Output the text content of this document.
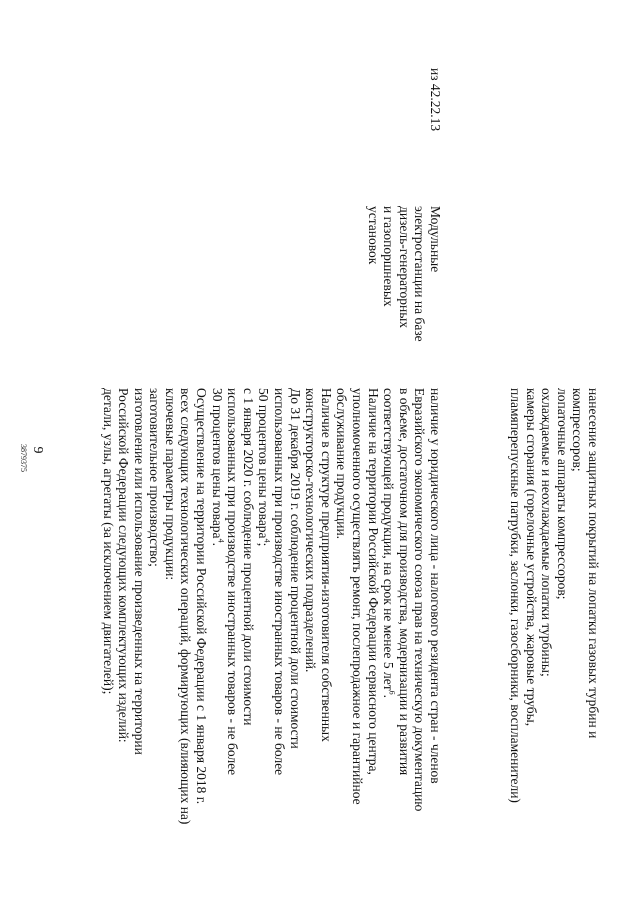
3879375 9	нанесение защитных покрытий на лопатки газовых турбин и

компрессоров;

лопаточные аппараты компрессоров;

охлаждаемые и неохлаждаемые лопатки турбины;

камеры сгорания (горелочные устройства, жаровые трубы,

пламяперепускные патрубки, заслонки, газосборники, воспламенители)

из 42.22.13

Модульные

электростанции на базе

дизель-генераторных

и газопоршневых

установок

наличие у юридического лица - налогового резидента стран - членов

Евразийского экономического союза прав на техническую документацию

в объеме, достаточном для производства, модернизации и развития

соответствующей продукции, на срок не менее 5 лет$^6$.

Наличие на территории Российской Федерации сервисного центра,

уполномоченного осуществлять ремонт, послепродажное и гарантийное

обслуживание продукции.

Наличие в структуре предприятия-изготовителя собственных

конструкторско-технологических подразделений.

До 31 декабря 2019 г. соблюдение процентной доли стоимости

использованных при производстве иностранных товаров - не более

50 процентов цены товара$^4$;

с 1 января 2020 г. соблюдение процентной доли стоимости

использованных при производстве иностранных товаров - не более

30 процентов цены товара$^4$.

Осуществление на территории Российской Федерации с 1 января 2018 г.

всех следующих технологических операций, формирующих (влияющих на)

ключевые параметры продукции:

заготовительное производство;

изготовление или использование произведенных на территории

Российской Федерации следующих комплектующих изделий:

детали, узлы, агрегаты (за исключением двигателей);
